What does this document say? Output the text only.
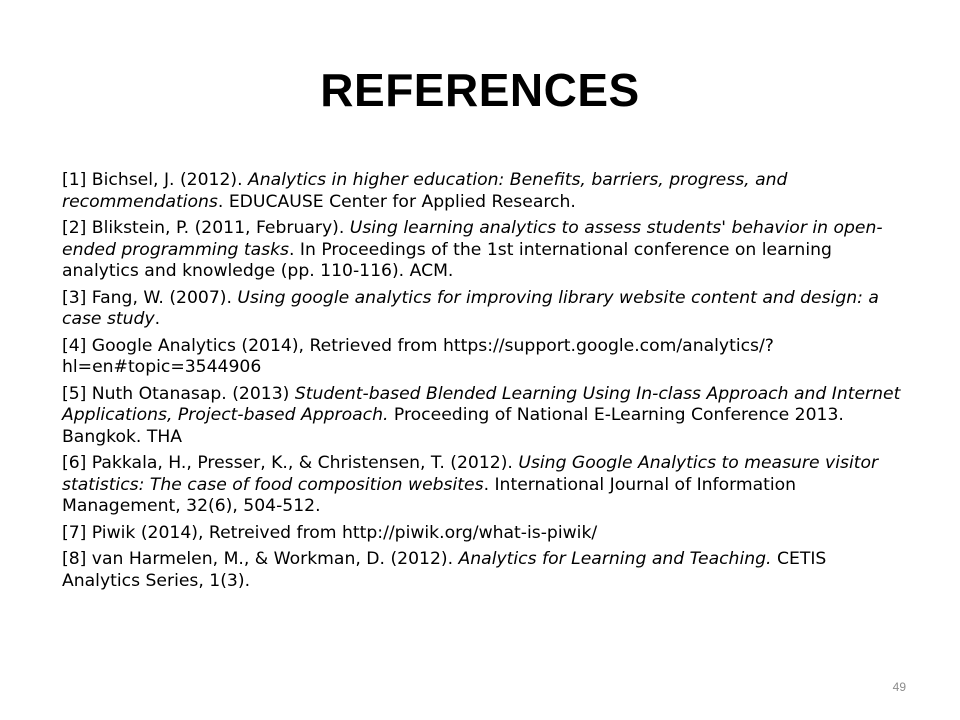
REFERENCES
[1] Bichsel, J. (2012). Analytics in higher education: Benefits, barriers, progress, and recommendations. EDUCAUSE Center for Applied Research.
[2] Blikstein, P. (2011, February). Using learning analytics to assess students' behavior in open-ended programming tasks. In Proceedings of the 1st international conference on learning analytics and knowledge (pp. 110-116). ACM.
[3] Fang, W. (2007). Using google analytics for improving library website content and design: a case study.
[4] Google Analytics (2014), Retrieved from https://support.google.com/analytics/?hl=en#topic=3544906
[5] Nuth Otanasap. (2013) Student-based Blended Learning Using In-class Approach and Internet Applications, Project-based Approach. Proceeding of National E-Learning Conference 2013. Bangkok. THA
[6] Pakkala, H., Presser, K., & Christensen, T. (2012). Using Google Analytics to measure visitor statistics: The case of food composition websites. International Journal of Information Management, 32(6), 504-512.
[7] Piwik (2014), Retreived from http://piwik.org/what-is-piwik/
[8] van Harmelen, M., & Workman, D. (2012). Analytics for Learning and Teaching. CETIS Analytics Series, 1(3).
49
